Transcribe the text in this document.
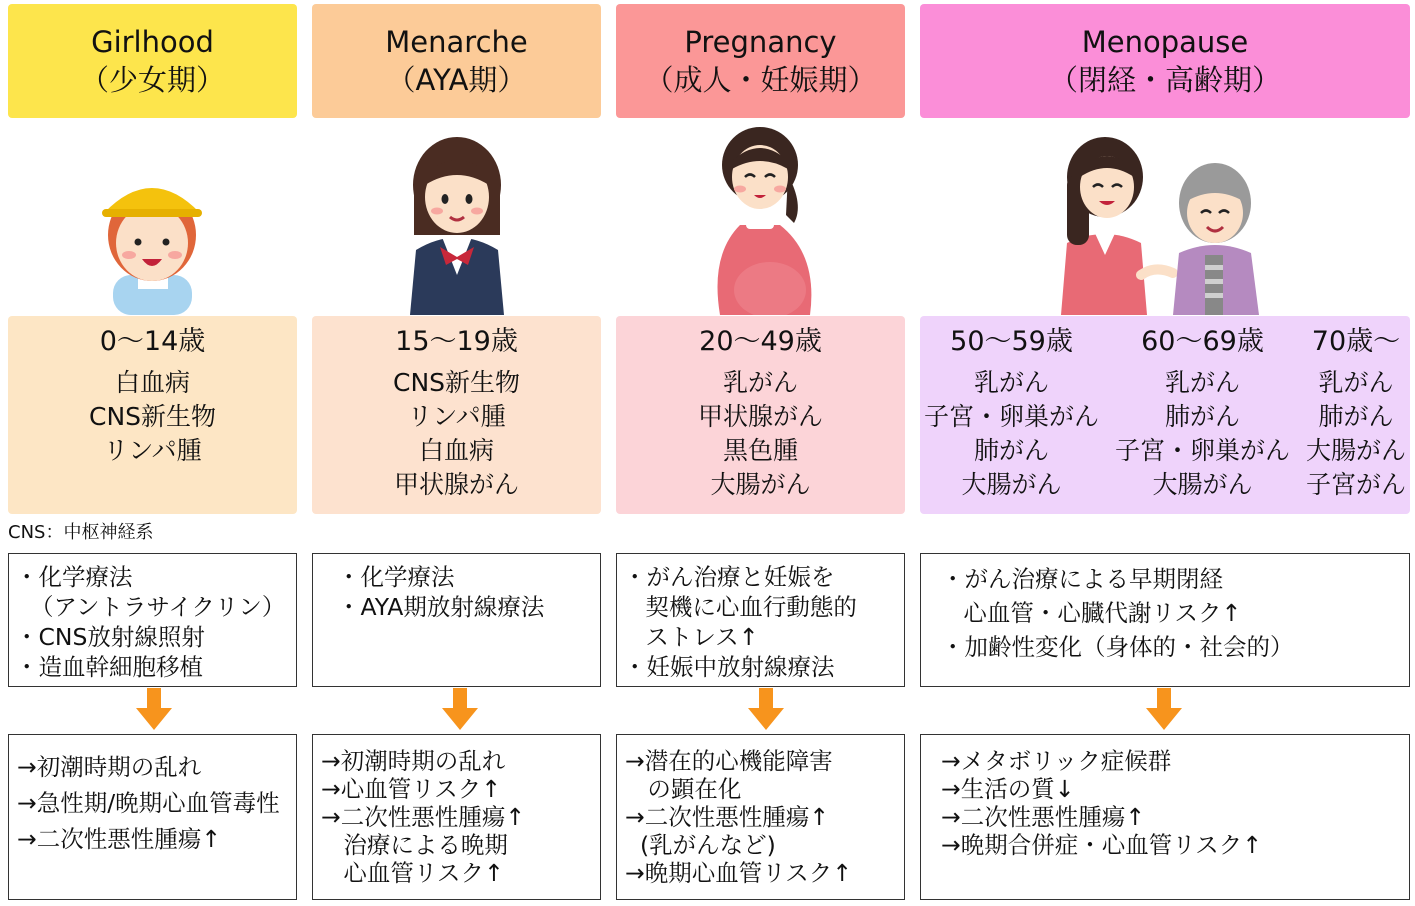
Girlhood
（少女期）
Menarche
（AYA期）
Pregnancy
（成人・妊娠期）
Menopause
（閉経・高齢期）
0～14歳
白血病
CNS新生物
リンパ腫
15～19歳
CNS新生物
リンパ腫
白血病
甲状腺がん
20～49歳
乳がん
甲状腺がん
黒色腫
大腸がん
50～59歳
乳がん
子宮・卵巣がん
肺がん
大腸がん
60～69歳
乳がん
肺がん
子宮・卵巣がん
大腸がん
70歳～
乳がん
肺がん
大腸がん
子宮がん
CNS：中枢神経系
・化学療法
（アントラサイクリン）
・CNS放射線照射
・造血幹細胞移植
・化学療法
・AYA期放射線療法
・がん治療と妊娠を
契機に心血行動態的
ストレス↑
・妊娠中放射線療法
・がん治療による早期閉経
心血管・心臓代謝リスク↑
・加齢性変化（身体的・社会的）
→初潮時期の乱れ
→急性期/晩期心血管毒性
→二次性悪性腫瘍↑
→初潮時期の乱れ
→心血管リスク↑
→二次性悪性腫瘍↑
治療による晩期
心血管リスク↑
→潜在的心機能障害
の顕在化
→二次性悪性腫瘍↑
(乳がんなど)
→晩期心血管リスク↑
→メタボリック症候群
→生活の質↓
→二次性悪性腫瘍↑
→晩期合併症・心血管リスク↑
